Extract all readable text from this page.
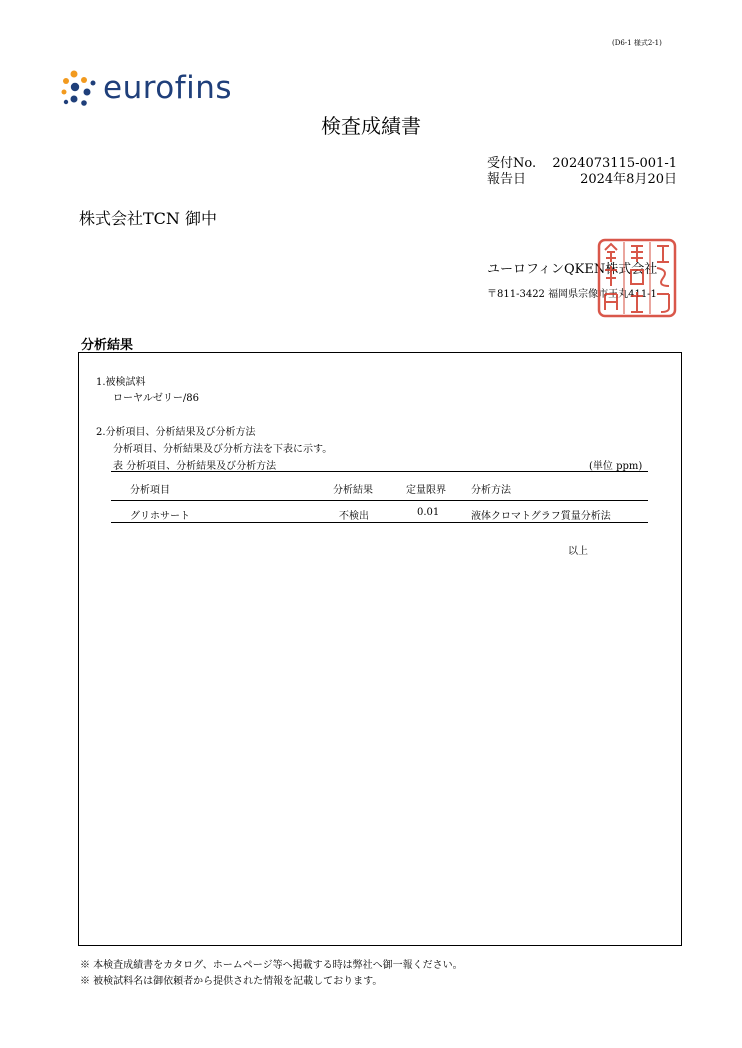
(D6-1 様式2-1)
eurofins
検査成績書
受付No.	2024073115-001-1
報告日	2024年8月20日
株式会社TCN 御中
ユーロフィンQKEN株式会社
〒811-3422 福岡県宗像市王丸411-1
分析結果
1.被検試料
ローヤルゼリー/86
2.分析項目、分析結果及び分析方法
分析項目、分析結果及び分析方法を下表に示す。
表 分析項目、分析結果及び分析方法	(単位 ppm)
分析項目	分析結果	定量限界	分析方法
グリホサート	不検出	0.01	液体クロマトグラフ質量分析法
以上
※ 本検査成績書をカタログ、ホームページ等へ掲載する時は弊社へ御一報ください。
※ 被検試料名は御依頼者から提供された情報を記載しております。
